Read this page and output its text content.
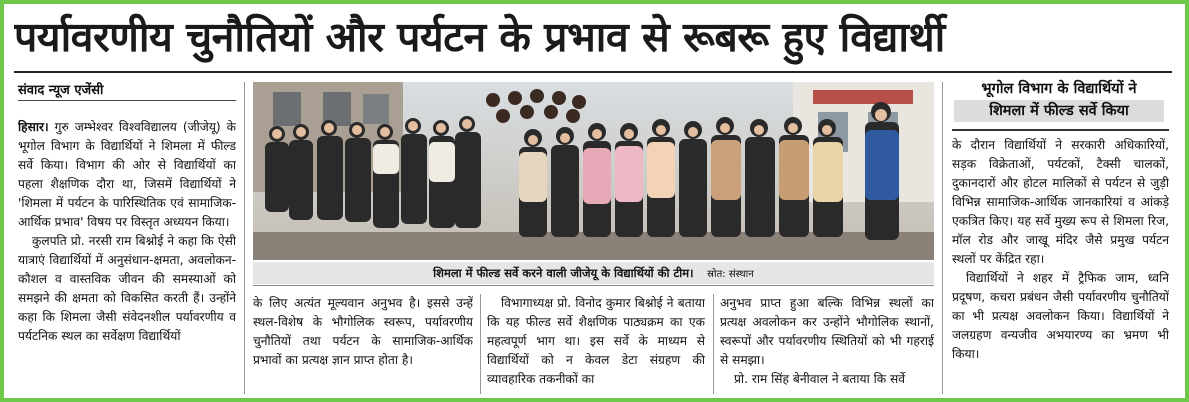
पर्यावरणीय चुनौतियों और पर्यटन के प्रभाव से रूबरू हुए विद्यार्थी
संवाद न्यूज एजेंसी

हिसार। गुरु जम्भेश्वर विश्वविद्यालय (जीजेयू) के भूगोल विभाग के विद्यार्थियों ने शिमला में फील्ड सर्वे किया। विभाग की ओर से विद्यार्थियों का पहला शैक्षणिक दौरा था, जिसमें विद्यार्थियों ने 'शिमला में पर्यटन के पारिस्थितिक एवं सामाजिक-आर्थिक प्रभाव' विषय पर विस्तृत अध्ययन किया।

कुलपति प्रो. नरसी राम बिश्नोई ने कहा कि ऐसी यात्राएं विद्यार्थियों में अनुसंधान-क्षमता, अवलोकन-कौशल व वास्तविक जीवन की समस्याओं को समझने की क्षमता को विकसित करती हैं। उन्होंने कहा कि शिमला जैसी संवेदनशील पर्यावरणीय व पर्यटनिक स्थल का सर्वेक्षण विद्यार्थियों

शिमला में फील्ड सर्वे करने वाली जीजेयू के विद्यार्थियों की टीम। स्रोत: संस्थान

के लिए अत्यंत मूल्यवान अनुभव है। इससे उन्हें स्थल-विशेष के भौगोलिक स्वरूप, पर्यावरणीय चुनौतियों तथा पर्यटन के सामाजिक-आर्थिक प्रभावों का प्रत्यक्ष ज्ञान प्राप्त होता है।

विभागाध्यक्ष प्रो. विनोद कुमार बिश्नोई ने बताया कि यह फील्ड सर्वे शैक्षणिक पाठ्यक्रम का एक महत्वपूर्ण भाग था। इस सर्वे के माध्यम से विद्यार्थियों को न केवल डेटा संग्रहण की व्यावहारिक तकनीकों का

अनुभव प्राप्त हुआ बल्कि विभिन्न स्थलों का प्रत्यक्ष अवलोकन कर उन्होंने भौगोलिक स्थानों, स्वरूपों और पर्यावरणीय स्थितियों को भी गहराई से समझा।

प्रो. राम सिंह बेनीवाल ने बताया कि सर्वे

भूगोल विभाग के विद्यार्थियों ने
शिमला में फील्ड सर्वे किया

के दौरान विद्यार्थियों ने सरकारी अधिकारियों, सड़क विक्रेताओं, पर्यटकों, टैक्सी चालकों, दुकानदारों और होटल मालिकों से पर्यटन से जुड़ी विभिन्न सामाजिक-आर्थिक जानकारियां व आंकड़े एकत्रित किए। यह सर्वे मुख्य रूप से शिमला रिज, मॉल रोड और जाखू मंदिर जैसे प्रमुख पर्यटन स्थलों पर केंद्रित रहा।

विद्यार्थियों ने शहर में ट्रैफिक जाम, ध्वनि प्रदूषण, कचरा प्रबंधन जैसी पर्यावरणीय चुनौतियों का भी प्रत्यक्ष अवलोकन किया। विद्यार्थियों ने जलग्रहण वन्यजीव अभयारण्य का भ्रमण भी किया।
